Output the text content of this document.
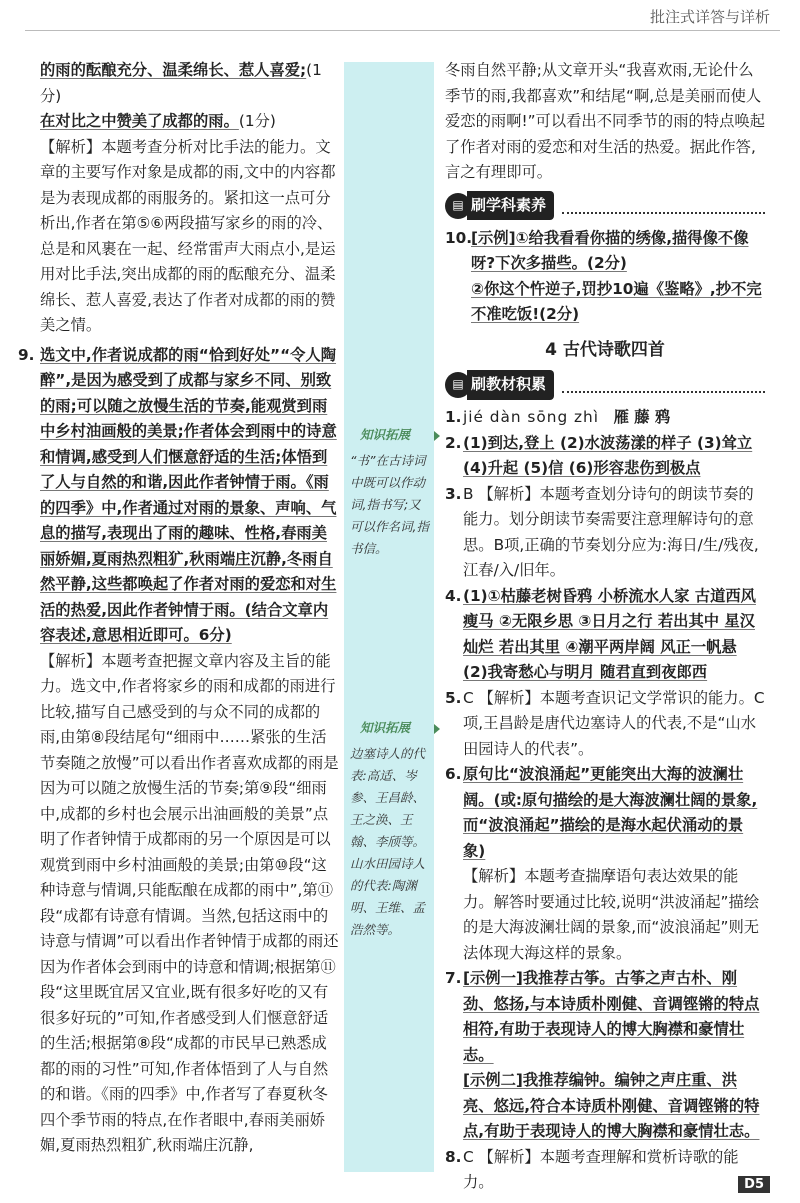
批注式详答与详析
知识拓展
“书”在古诗词中既可以作动词,指书写;又可以作名词,指书信。
知识拓展
边塞诗人的代表:高适、岑参、王昌龄、王之涣、王翰、李颀等。山水田园诗人的代表:陶渊明、王维、孟浩然等。

的雨的酝酿充分、温柔绵长、惹人喜爱;(1分)

在对比之中赞美了成都的雨。(1分)

【解析】本题考查分析对比手法的能力。文章的主要写作对象是成都的雨,文中的内容都是为表现成都的雨服务的。紧扣这一点可分析出,作者在第⑤⑥两段描写家乡的雨的冷、总是和风裹在一起、经常雷声大雨点小,是运用对比手法,突出成都的雨的酝酿充分、温柔绵长、惹人喜爱,表达了作者对成都的雨的赞美之情。

9. 选文中,作者说成都的雨“恰到好处”“令人陶醉”,是因为感受到了成都与家乡不同、别致的雨;可以随之放慢生活的节奏,能观赏到雨中乡村油画般的美景;作者体会到雨中的诗意和情调,感受到人们惬意舒适的生活;体悟到了人与自然的和谐,因此作者钟情于雨。《雨的四季》中,作者通过对雨的景象、声响、气息的描写,表现出了雨的趣味、性格,春雨美丽娇媚,夏雨热烈粗犷,秋雨端庄沉静,冬雨自然平静,这些都唤起了作者对雨的爱恋和对生活的热爱,因此作者钟情于雨。(结合文章内容表述,意思相近即可。6分)

【解析】本题考查把握文章内容及主旨的能力。选文中,作者将家乡的雨和成都的雨进行比较,描写自己感受到的与众不同的成都的雨,由第⑧段结尾句“细雨中……紧张的生活节奏随之放慢”可以看出作者喜欢成都的雨是因为可以随之放慢生活的节奏;第⑨段“细雨中,成都的乡村也会展示出油画般的美景”点明了作者钟情于成都雨的另一个原因是可以观赏到雨中乡村油画般的美景;由第⑩段“这种诗意与情调,只能酝酿在成都的雨中”,第⑪段“成都有诗意有情调。当然,包括这雨中的诗意与情调”可以看出作者钟情于成都的雨还因为作者体会到雨中的诗意和情调;根据第⑪段“这里既宜居又宜业,既有很多好吃的又有很多好玩的”可知,作者感受到人们惬意舒适的生活;根据第⑧段“成都的市民早已熟悉成都的雨的习性”可知,作者体悟到了人与自然的和谐。《雨的四季》中,作者写了春夏秋冬四个季节雨的特点,在作者眼中,春雨美丽娇媚,夏雨热烈粗犷,秋雨端庄沉静,

冬雨自然平静;从文章开头“我喜欢雨,无论什么季节的雨,我都喜欢”和结尾“啊,总是美丽而使人爱恋的雨啊!”可以看出不同季节的雨的特点唤起了作者对雨的爱恋和对生活的热爱。据此作答,言之有理即可。

▤ 刷学科素养
10.

[示例]①给我看看你描的绣像,描得像不像呀?下次多描些。(2分)

②你这个忤逆子,罚抄10遍《鉴略》,抄不完不准吃饭!(2分)

4 古代诗歌四首
▤ 刷教材积累
1. jié dàn sōng zhì 雁 藤 鸦

2. (1)到达,登上 (2)水波荡漾的样子 (3)耸立 (4)升起 (5)信 (6)形容悲伤到极点

3. B 【解析】本题考查划分诗句的朗读节奏的能力。划分朗读节奏需要注意理解诗句的意思。B项,正确的节奏划分应为:海日/生/残夜,江春/入/旧年。

4. (1)①枯藤老树昏鸦 小桥流水人家 古道西风瘦马 ②无限乡思 ③日月之行 若出其中 星汉灿烂 若出其里 ④潮平两岸阔 风正一帆悬 (2)我寄愁心与明月 随君直到夜郎西

5. C 【解析】本题考查识记文学常识的能力。C项,王昌龄是唐代边塞诗人的代表,不是“山水田园诗人的代表”。

6. 原句比“波浪涌起”更能突出大海的波澜壮阔。(或:原句描绘的是大海波澜壮阔的景象,而“波浪涌起”描绘的是海水起伏涌动的景象)

【解析】本题考查揣摩语句表达效果的能力。解答时要通过比较,说明“洪波涌起”描绘的是大海波澜壮阔的景象,而“波浪涌起”则无法体现大海这样的景象。

7. [示例一]我推荐古筝。古筝之声古朴、刚劲、悠扬,与本诗质朴刚健、音调铿锵的特点相符,有助于表现诗人的博大胸襟和豪情壮志。

[示例二]我推荐编钟。编钟之声庄重、洪亮、悠远,符合本诗质朴刚健、音调铿锵的特点,有助于表现诗人的博大胸襟和豪情壮志。

8. C 【解析】本题考查理解和赏析诗歌的能力。	D5
